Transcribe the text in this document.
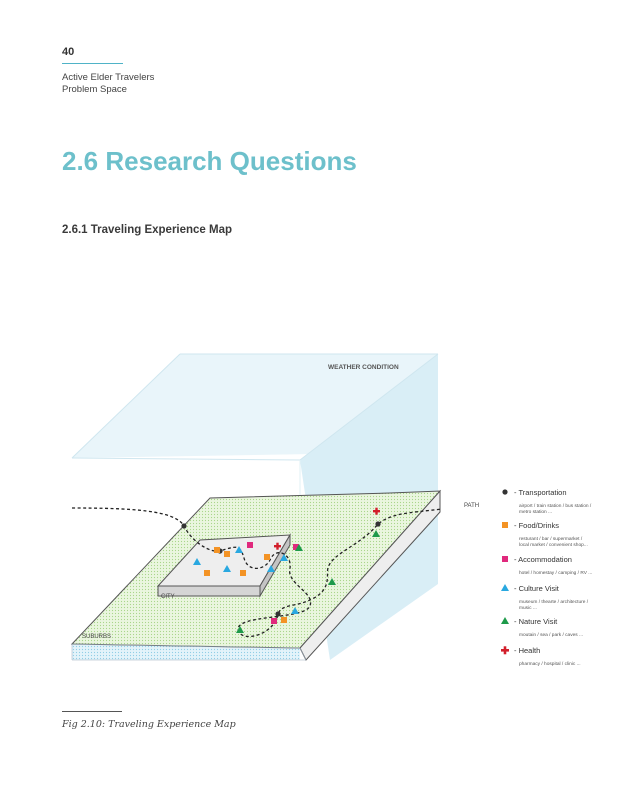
40
Active Elder Travelers
Problem Space
2.6 Research Questions
2.6.1 Traveling Experience Map
WEATHER CONDITION
CITY
SUBURBS
PATH
- Transportation
airport / train station / bus station /
metro station ...
- Food/Drinks
resturant / bar / supermarket /
local market / convenient shop...
- Accommodation
hotel / homestay / camping / RV ...
- Culture Visit
museum / thearte / architecture /
music ...
- Nature Visit
moutain / sea / park / caves ...
- Health
pharmacy / hospital / clinic ...
Fig 2.10: Traveling Experience Map
